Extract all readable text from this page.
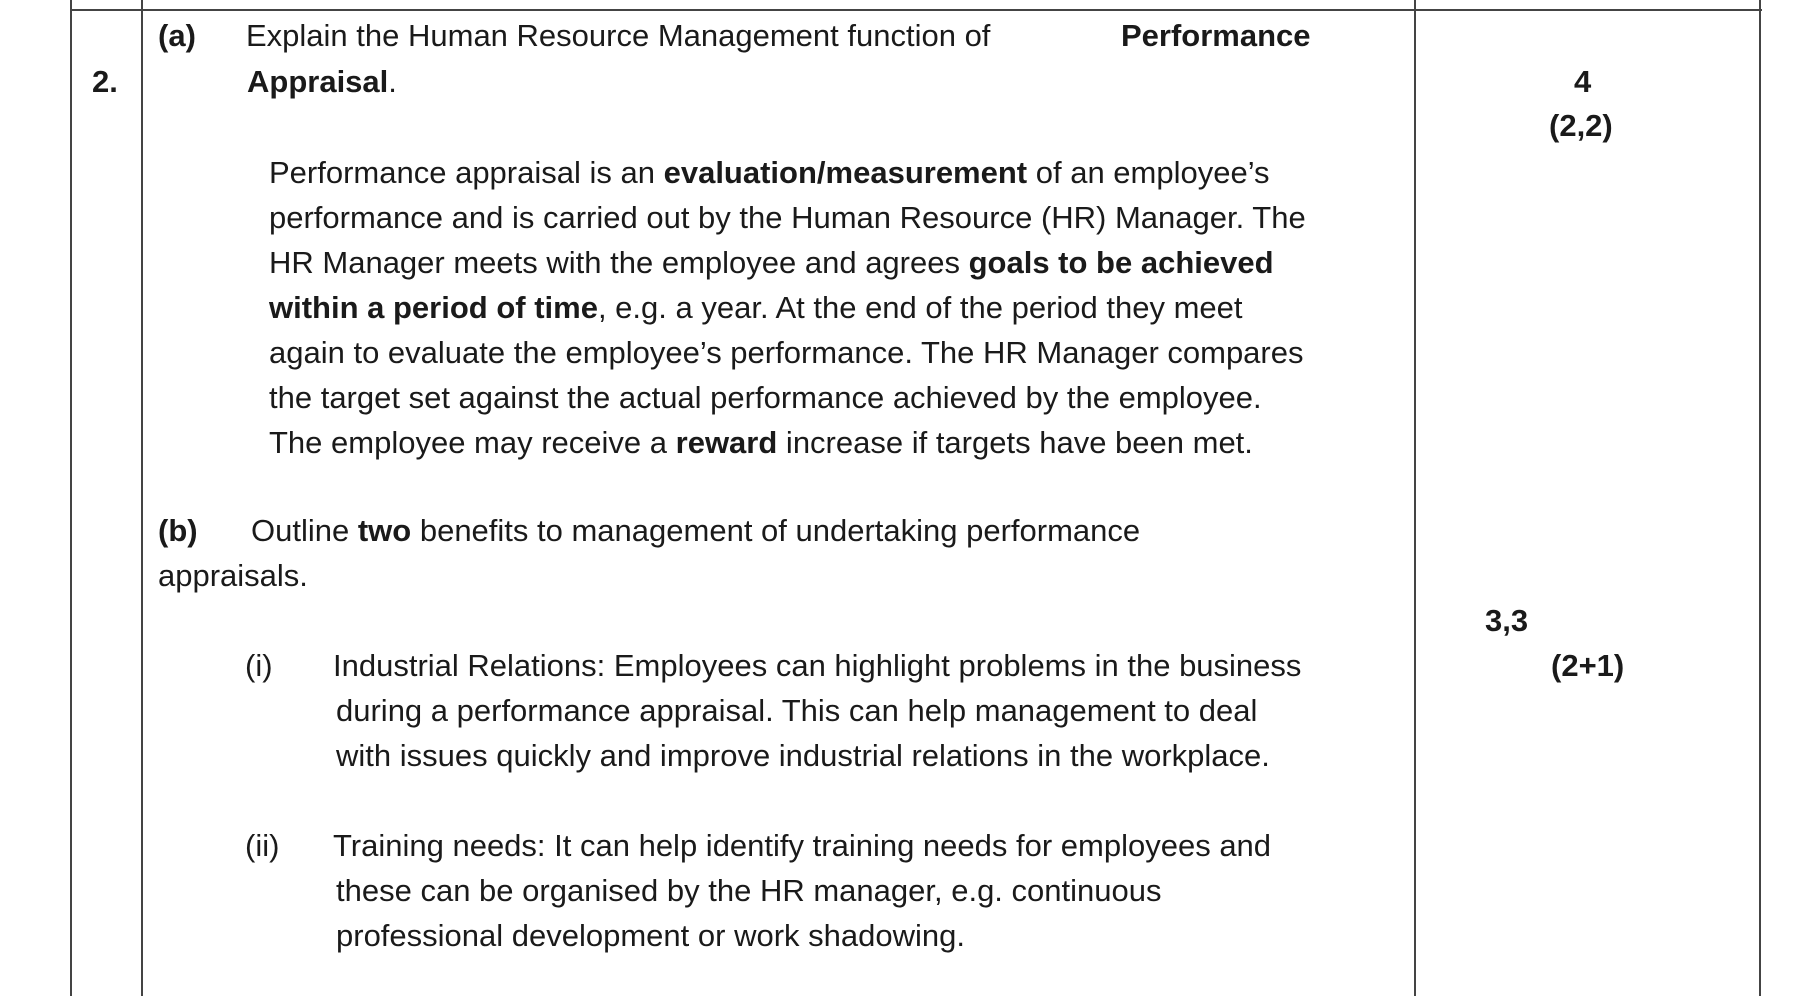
2.
(a) Explain the Human Resource Management function of	Performance
Appraisal.	4
(2,2)
Performance appraisal is an evaluation/measurement of an employee’s
performance and is carried out by the Human Resource (HR) Manager. The
HR Manager meets with the employee and agrees goals to be achieved
within a period of time, e.g. a year. At the end of the period they meet
again to evaluate the employee’s performance. The HR Manager compares
the target set against the actual performance achieved by the employee.
The employee may receive a reward increase if targets have been met.
(b) Outline two benefits to management of undertaking performance
appraisals.
3,3
(2+1)
(i) Industrial Relations: Employees can highlight problems in the business
during a performance appraisal. This can help management to deal
with issues quickly and improve industrial relations in the workplace.
(ii) Training needs: It can help identify training needs for employees and
these can be organised by the HR manager, e.g. continuous
professional development or work shadowing.
